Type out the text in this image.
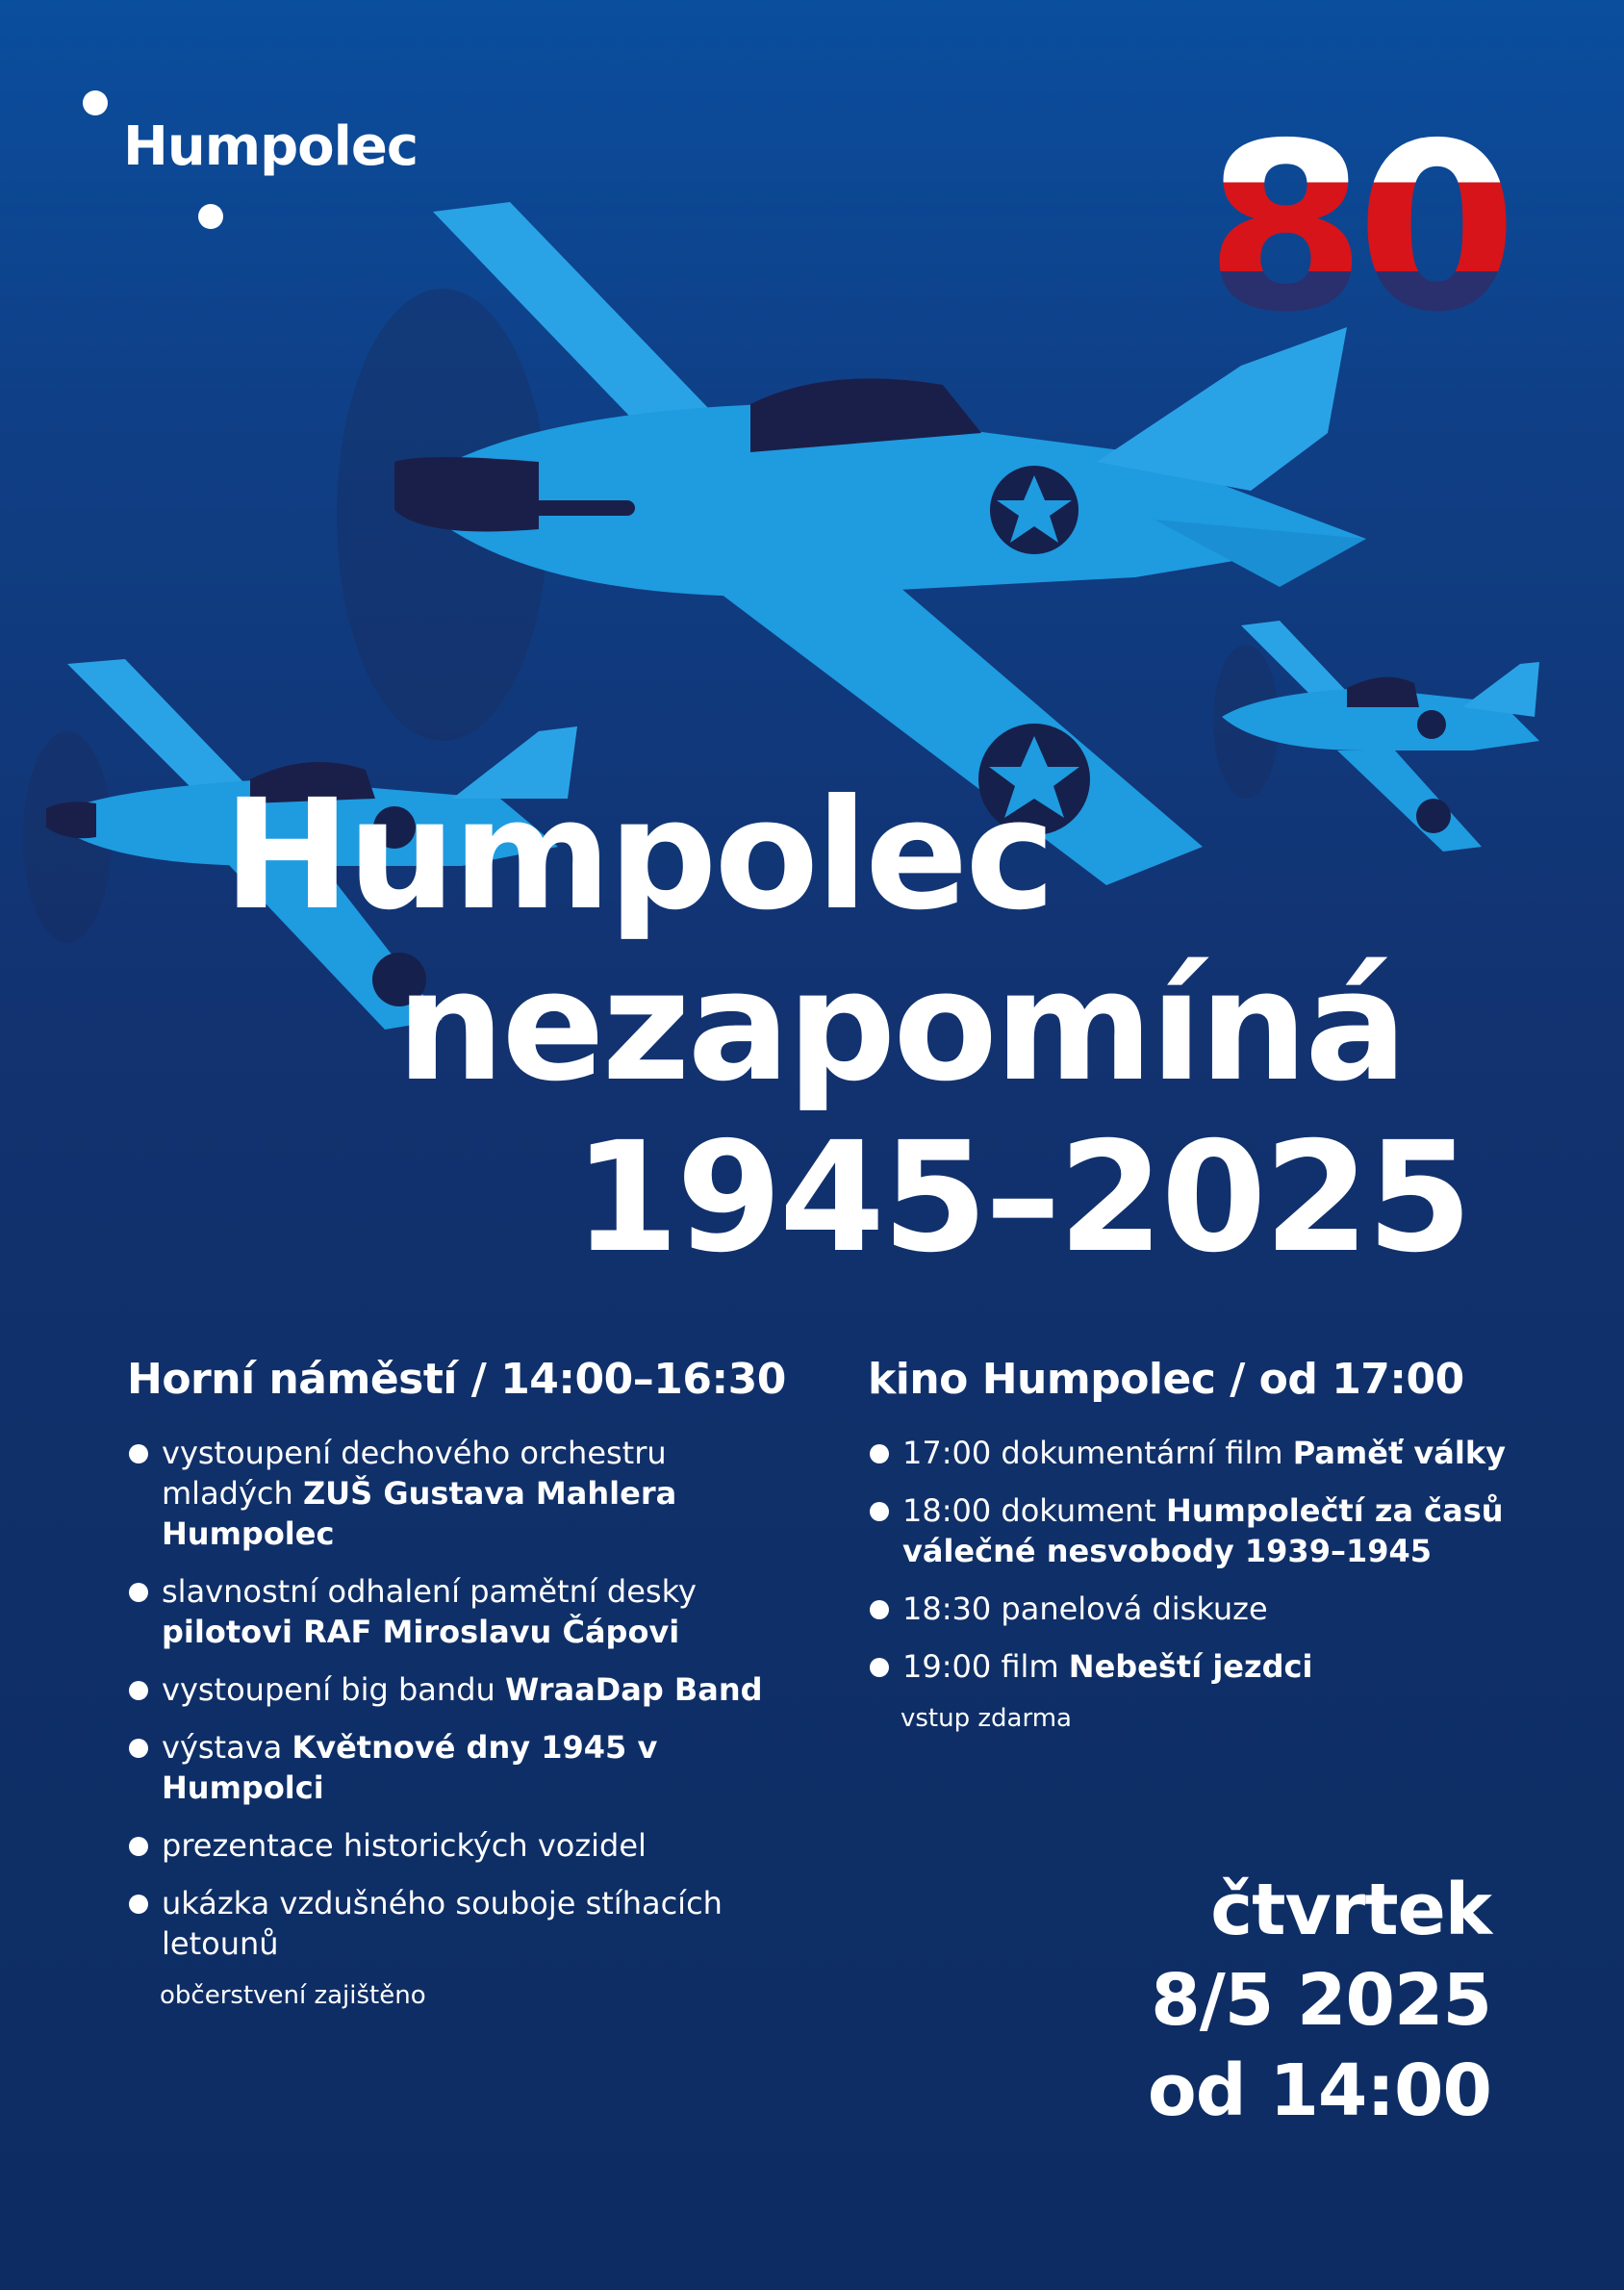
Humpolec	80
Humpolec
nezapomíná
1945–2025
Horní náměstí / 14:00–16:30
vystoupení dechového orchestru mladých ZUŠ Gustava Mahlera Humpolec
slavnostní odhalení pamětní desky pilotovi RAF Miroslavu Čápovi
vystoupení big bandu WraaDap Band
výstava Květnové dny 1945 v Humpolci
prezentace historických vozidel
ukázka vzdušného souboje stíhacích letounů
občerstvení zajištěno
kino Humpolec / od 17:00
17:00 dokumentární film Paměť války
18:00 dokument Humpolečtí za časů válečné nesvobody 1939–1945
18:30 panelová diskuze
19:00 film Nebeští jezdci
vstup zdarma
čtvrtek
8/5 2025
od 14:00
